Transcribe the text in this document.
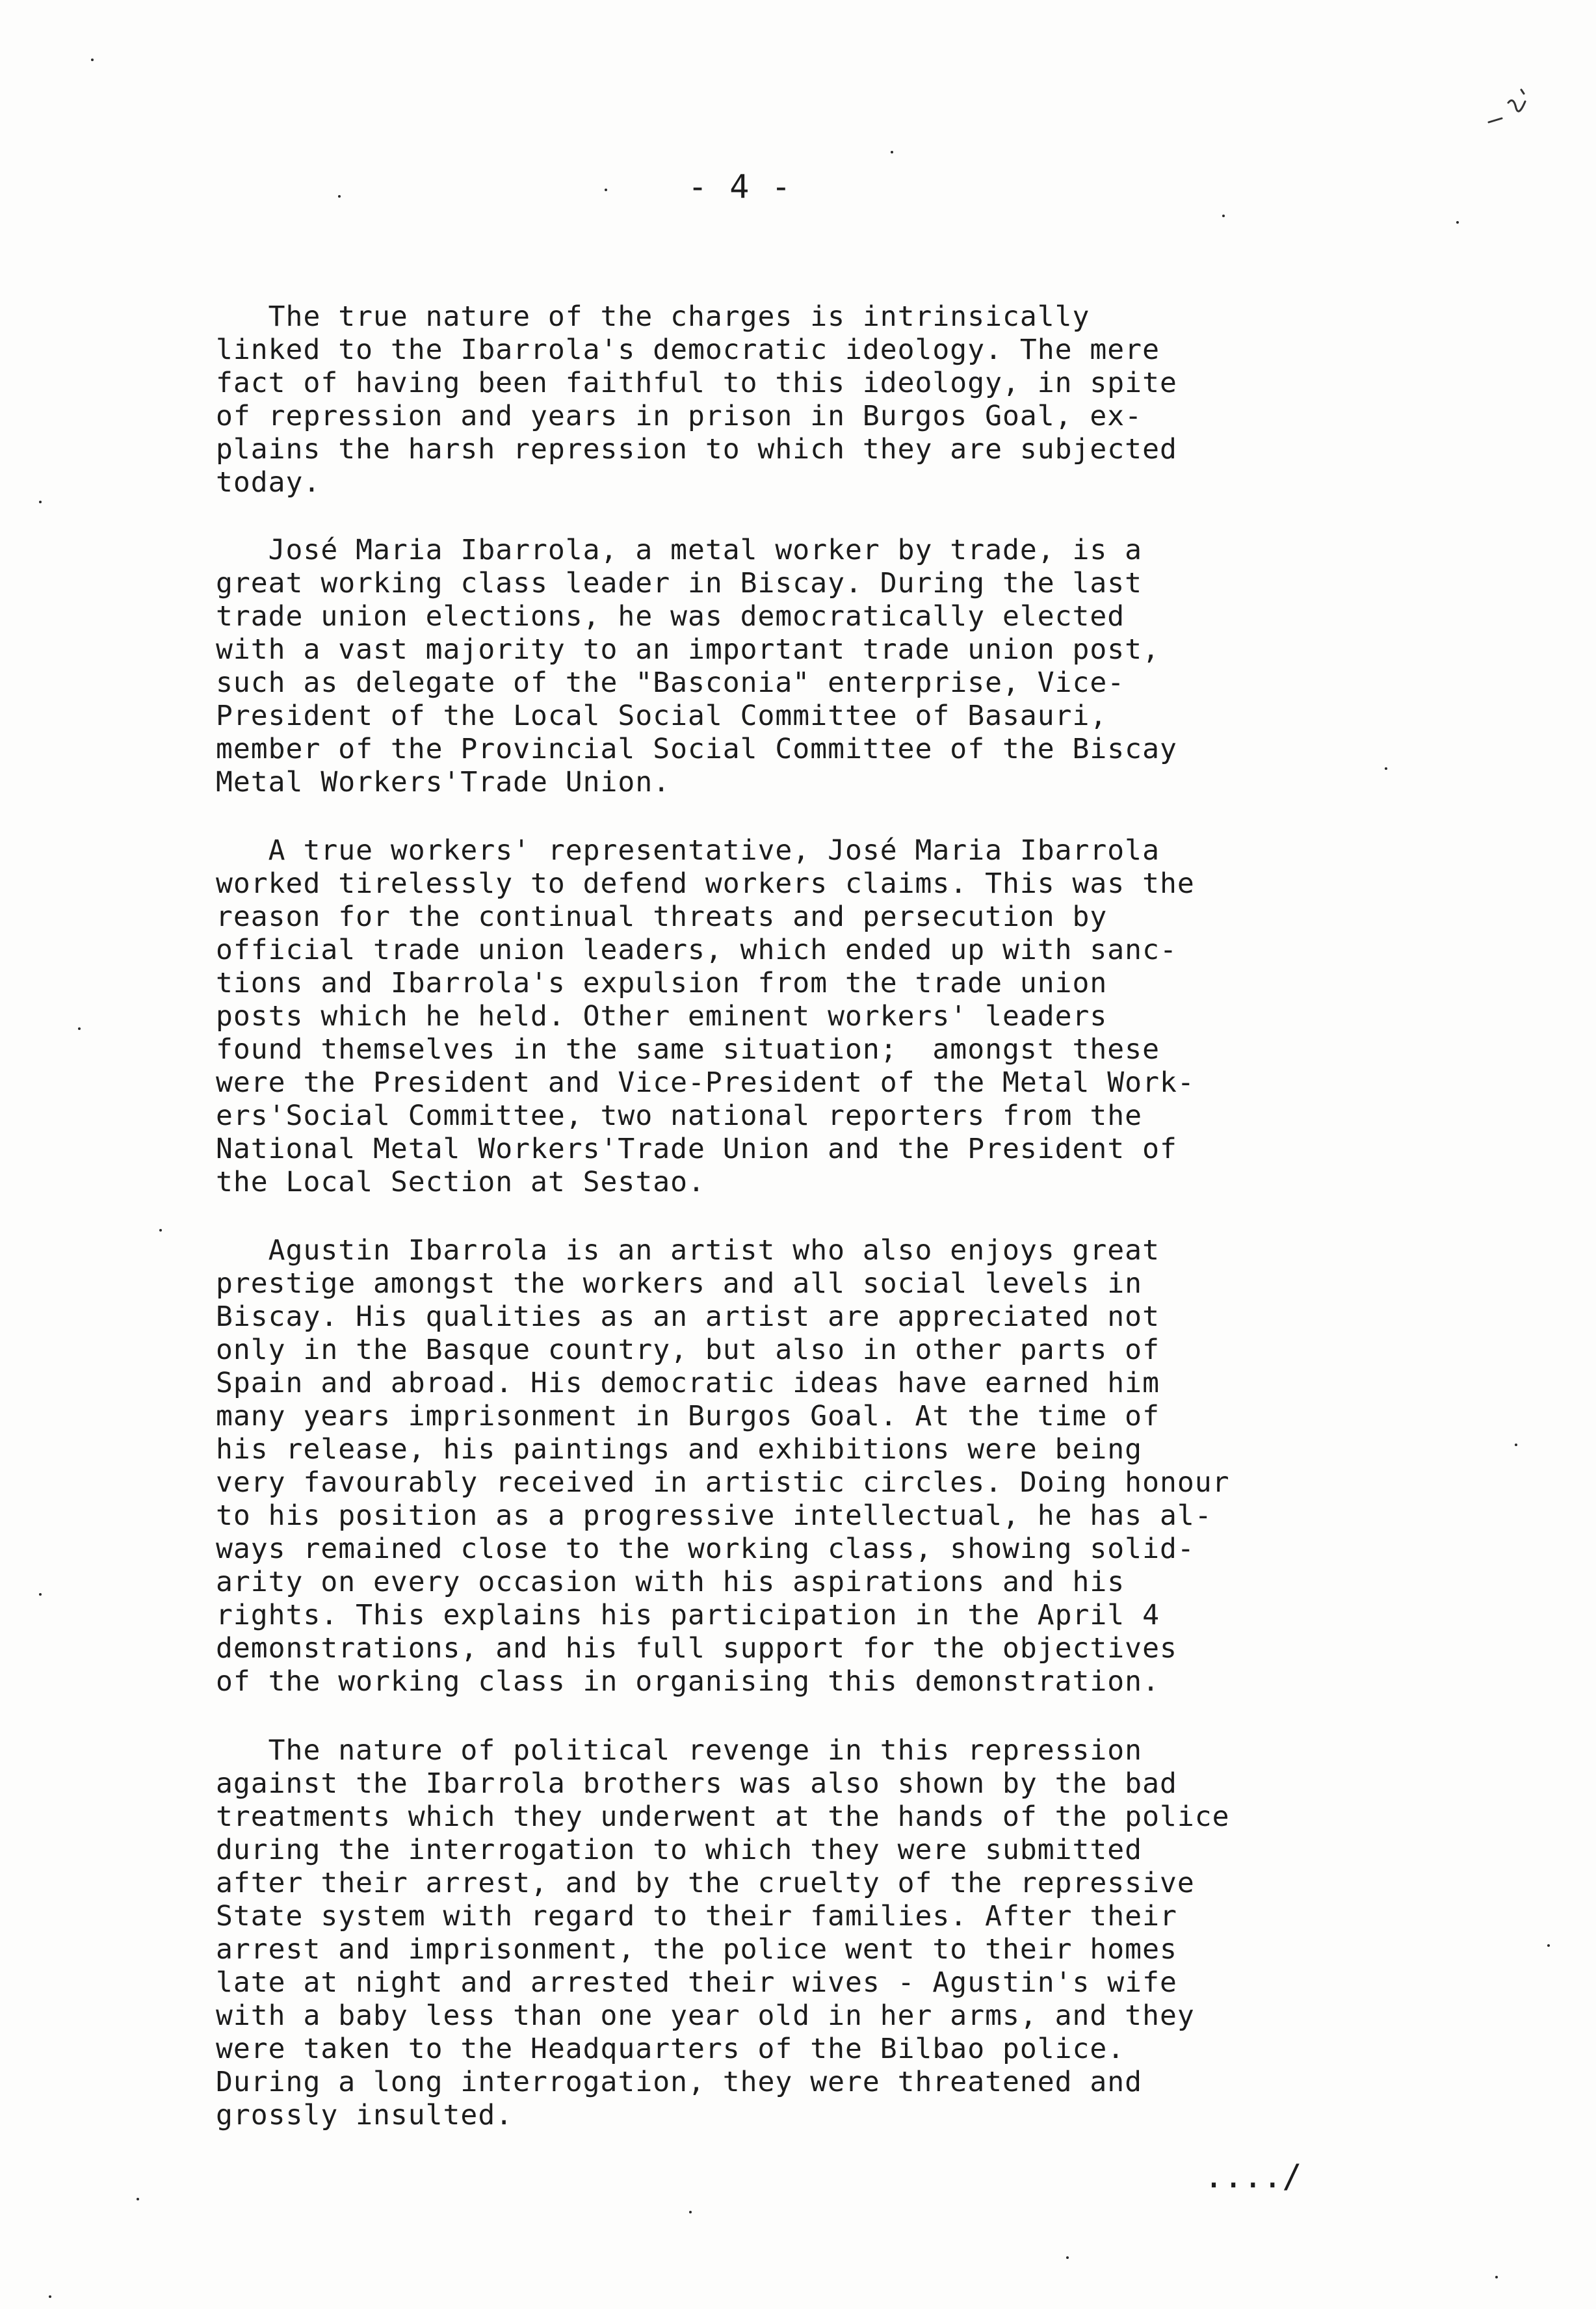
- 4 -
The true nature of the charges is intrinsically
linked to the Ibarrola's democratic ideology. The mere
fact of having been faithful to this ideology, in spite
of repression and years in prison in Burgos Goal, ex-
plains the harsh repression to which they are subjected
today.
José Maria Ibarrola, a metal worker by trade, is a
great working class leader in Biscay. During the last
trade union elections, he was democratically elected
with a vast majority to an important trade union post,
such as delegate of the "Basconia" enterprise, Vice-
President of the Local Social Committee of Basauri,
member of the Provincial Social Committee of the Biscay
Metal Workers'Trade Union.
A true workers' representative, José Maria Ibarrola
worked tirelessly to defend workers claims. This was the
reason for the continual threats and persecution by
official trade union leaders, which ended up with sanc-
tions and Ibarrola's expulsion from the trade union
posts which he held. Other eminent workers' leaders
found themselves in the same situation;  amongst these
were the President and Vice-President of the Metal Work-
ers'Social Committee, two national reporters from the
National Metal Workers'Trade Union and the President of
the Local Section at Sestao.
Agustin Ibarrola is an artist who also enjoys great
prestige amongst the workers and all social levels in
Biscay. His qualities as an artist are appreciated not
only in the Basque country, but also in other parts of
Spain and abroad. His democratic ideas have earned him
many years imprisonment in Burgos Goal. At the time of
his release, his paintings and exhibitions were being
very favourably received in artistic circles. Doing honour
to his position as a progressive intellectual, he has al-
ways remained close to the working class, showing solid-
arity on every occasion with his aspirations and his
rights. This explains his participation in the April 4
demonstrations, and his full support for the objectives
of the working class in organising this demonstration.
The nature of political revenge in this repression
against the Ibarrola brothers was also shown by the bad
treatments which they underwent at the hands of the police
during the interrogation to which they were submitted
after their arrest, and by the cruelty of the repressive
State system with regard to their families. After their
arrest and imprisonment, the police went to their homes
late at night and arrested their wives - Agustin's wife
with a baby less than one year old in her arms, and they
were taken to the Headquarters of the Bilbao police.
During a long interrogation, they were threatened and
grossly insulted.
..../
